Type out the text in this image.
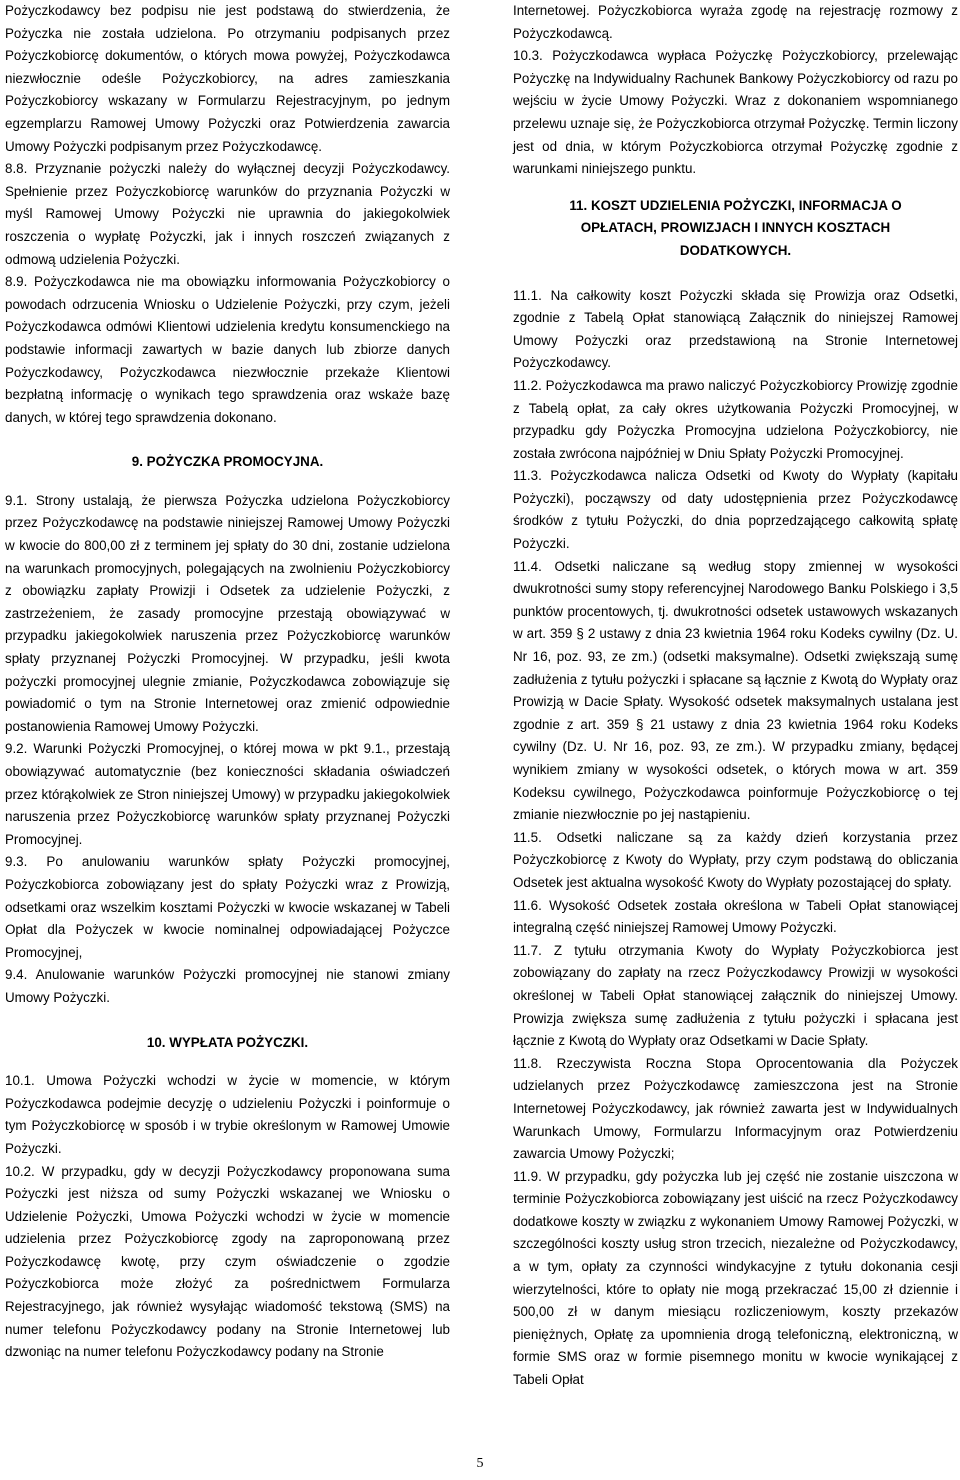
Pożyczkodawcy bez podpisu nie jest podstawą do stwierdzenia, że Pożyczka nie została udzielona. Po otrzymaniu podpisanych przez Pożyczkobiorcę dokumentów, o których mowa powyżej, Pożyczkodawca niezwłocznie odeśle Pożyczkobiorcy, na adres zamieszkania Pożyczkobiorcy wskazany w Formularzu Rejestracyjnym, po jednym egzemplarzu Ramowej Umowy Pożyczki oraz Potwierdzenia zawarcia Umowy Pożyczki podpisanym przez Pożyczkodawcę.

8.8. Przyznanie pożyczki należy do wyłącznej decyzji Pożyczkodawcy. Spełnienie przez Pożyczkobiorcę warunków do przyznania Pożyczki w myśl Ramowej Umowy Pożyczki nie uprawnia do jakiegokolwiek roszczenia o wypłatę Pożyczki, jak i innych roszczeń związanych z odmową udzielenia Pożyczki.

8.9. Pożyczkodawca nie ma obowiązku informowania Pożyczkobiorcy o powodach odrzucenia Wniosku o Udzielenie Pożyczki, przy czym, jeżeli Pożyczkodawca odmówi Klientowi udzielenia kredytu konsumenckiego na podstawie informacji zawartych w bazie danych lub zbiorze danych Pożyczkodawcy, Pożyczkodawca niezwłocznie przekaże Klientowi bezpłatną informację o wynikach tego sprawdzenia oraz wskaże bazę danych, w której tego sprawdzenia dokonano.

9. POŻYCZKA PROMOCYJNA.

9.1. Strony ustalają, że pierwsza Pożyczka udzielona Pożyczkobiorcy przez Pożyczkodawcę na podstawie niniejszej Ramowej Umowy Pożyczki w kwocie do 800,00 zł z terminem jej spłaty do 30 dni, zostanie udzielona na warunkach promocyjnych, polegających na zwolnieniu Pożyczkobiorcy z obowiązku zapłaty Prowizji i Odsetek za udzielenie Pożyczki, z zastrzeżeniem, że zasady promocyjne przestają obowiązywać w przypadku jakiegokolwiek naruszenia przez Pożyczkobiorcę warunków spłaty przyznanej Pożyczki Promocyjnej. W przypadku, jeśli kwota pożyczki promocyjnej ulegnie zmianie, Pożyczkodawca zobowiązuje się powiadomić o tym na Stronie Internetowej oraz zmienić odpowiednie postanowienia Ramowej Umowy Pożyczki.

9.2. Warunki Pożyczki Promocyjnej, o której mowa w pkt 9.1., przestają obowiązywać automatycznie (bez konieczności składania oświadczeń przez którąkolwiek ze Stron niniejszej Umowy) w przypadku jakiegokolwiek naruszenia przez Pożyczkobiorcę warunków spłaty przyznanej Pożyczki Promocyjnej.

9.3. Po anulowaniu warunków spłaty Pożyczki promocyjnej, Pożyczkobiorca zobowiązany jest do spłaty Pożyczki wraz z Prowizją, odsetkami oraz wszelkim kosztami Pożyczki w kwocie wskazanej w Tabeli Opłat dla Pożyczek w kwocie nominalnej odpowiadającej Pożyczce Promocyjnej,

9.4. Anulowanie warunków Pożyczki promocyjnej nie stanowi zmiany Umowy Pożyczki.

10. WYPŁATA POŻYCZKI.

10.1. Umowa Pożyczki wchodzi w życie w momencie, w którym Pożyczkodawca podejmie decyzję o udzieleniu Pożyczki i poinformuje o tym Pożyczkobiorcę w sposób i w trybie określonym w Ramowej Umowie Pożyczki.

10.2. W przypadku, gdy w decyzji Pożyczkodawcy proponowana suma Pożyczki jest niższa od sumy Pożyczki wskazanej we Wniosku o Udzielenie Pożyczki, Umowa Pożyczki wchodzi w życie w momencie udzielenia przez Pożyczkobiorcę zgody na zaproponowaną przez Pożyczkodawcę kwotę, przy czym oświadczenie o zgodzie Pożyczkobiorca może złożyć za pośrednictwem Formularza Rejestracyjnego, jak również wysyłając wiadomość tekstową (SMS) na numer telefonu Pożyczkodawcy podany na Stronie Internetowej lub dzwoniąc na numer telefonu Pożyczkodawcy podany na Stronie

Internetowej. Pożyczkobiorca wyraża zgodę na rejestrację rozmowy z Pożyczkodawcą.

10.3. Pożyczkodawca wypłaca Pożyczkę Pożyczkobiorcy, przelewając Pożyczkę na Indywidualny Rachunek Bankowy Pożyczkobiorcy od razu po wejściu w życie Umowy Pożyczki. Wraz z dokonaniem wspomnianego przelewu uznaje się, że Pożyczkobiorca otrzymał Pożyczkę. Termin liczony jest od dnia, w którym Pożyczkobiorca otrzymał Pożyczkę zgodnie z warunkami niniejszego punktu.

11. KOSZT UDZIELENIA POŻYCZKI, INFORMACJA O OPŁATACH, PROWIZJACH I INNYCH KOSZTACH DODATKOWYCH.

11.1. Na całkowity koszt Pożyczki składa się Prowizja oraz Odsetki, zgodnie z Tabelą Opłat stanowiącą Załącznik do niniejszej Ramowej Umowy Pożyczki oraz przedstawioną na Stronie Internetowej Pożyczkodawcy.

11.2. Pożyczkodawca ma prawo naliczyć Pożyczkobiorcy Prowizję zgodnie z Tabelą opłat, za cały okres użytkowania Pożyczki Promocyjnej, w przypadku gdy Pożyczka Promocyjna udzielona Pożyczkobiorcy, nie została zwrócona najpóźniej w Dniu Spłaty Pożyczki Promocyjnej.

11.3. Pożyczkodawca nalicza Odsetki od Kwoty do Wypłaty (kapitału Pożyczki), począwszy od daty udostępnienia przez Pożyczkodawcę środków z tytułu Pożyczki, do dnia poprzedzającego całkowitą spłatę Pożyczki.

11.4. Odsetki naliczane są według stopy zmiennej w wysokości dwukrotności sumy stopy referencyjnej Narodowego Banku Polskiego i 3,5 punktów procentowych, tj. dwukrotności odsetek ustawowych wskazanych w art. 359 § 2 ustawy z dnia 23 kwietnia 1964 roku Kodeks cywilny (Dz. U. Nr 16, poz. 93, ze zm.) (odsetki maksymalne). Odsetki zwiększają sumę zadłużenia z tytułu pożyczki i spłacane są łącznie z Kwotą do Wypłaty oraz Prowizją w Dacie Spłaty. Wysokość odsetek maksymalnych ustalana jest zgodnie z art. 359 § 21 ustawy z dnia 23 kwietnia 1964 roku Kodeks cywilny (Dz. U. Nr 16, poz. 93, ze zm.). W przypadku zmiany, będącej wynikiem zmiany w wysokości odsetek, o których mowa w art. 359 Kodeksu cywilnego, Pożyczkodawca poinformuje Pożyczkobiorcę o tej zmianie niezwłocznie po jej nastąpieniu.

11.5. Odsetki naliczane są za każdy dzień korzystania przez Pożyczkobiorcę z Kwoty do Wypłaty, przy czym podstawą do obliczania Odsetek jest aktualna wysokość Kwoty do Wypłaty pozostającej do spłaty.

11.6. Wysokość Odsetek została określona w Tabeli Opłat stanowiącej integralną część niniejszej Ramowej Umowy Pożyczki.

11.7. Z tytułu otrzymania Kwoty do Wypłaty Pożyczkobiorca jest zobowiązany do zapłaty na rzecz Pożyczkodawcy Prowizji w wysokości określonej w Tabeli Opłat stanowiącej załącznik do niniejszej Umowy. Prowizja zwiększa sumę zadłużenia z tytułu pożyczki i spłacana jest łącznie z Kwotą do Wypłaty oraz Odsetkami w Dacie Spłaty.

11.8. Rzeczywista Roczna Stopa Oprocentowania dla Pożyczek udzielanych przez Pożyczkodawcę zamieszczona jest na Stronie Internetowej Pożyczkodawcy, jak również zawarta jest w Indywidualnych Warunkach Umowy, Formularzu Informacyjnym oraz Potwierdzeniu zawarcia Umowy Pożyczki;

11.9. W przypadku, gdy pożyczka lub jej część nie zostanie uiszczona w terminie Pożyczkobiorca zobowiązany jest uiścić na rzecz Pożyczkodawcy dodatkowe koszty w związku z wykonaniem Umowy Ramowej Pożyczki, w szczególności koszty usług stron trzecich, niezależne od Pożyczkodawcy, a w tym, opłaty za czynności windykacyjne z tytułu dokonania cesji wierzytelności, które to opłaty nie mogą przekraczać 15,00 zł dziennie i 500,00 zł w danym miesiącu rozliczeniowym, koszty przekazów pieniężnych, Opłatę za upomnienia drogą telefoniczną, elektroniczną, w formie SMS oraz w formie pisemnego monitu w kwocie wynikającej z Tabeli Opłat

5
